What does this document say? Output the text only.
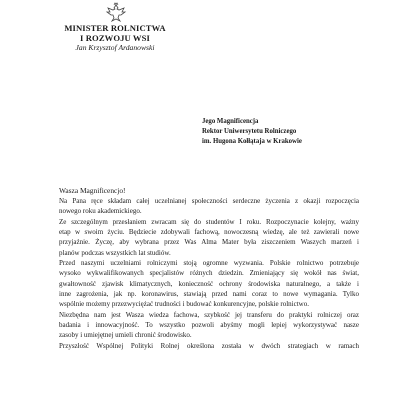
MINISTER ROLNICTWA
I ROZWOJU WSI
Jan Krzysztof Ardanowski
Jego Magnificencja
Rektor Uniwersytetu Rolniczego
im. Hugona Kołłątaja w Krakowie
Wasza Magnificencjo!
Na Pana ręce składam całej uczelnianej społeczności serdeczne życzenia z okazji rozpoczęcia
nowego roku akademickiego.
Ze szczególnym przesłaniem zwracam się do studentów I roku. Rozpoczynacie kolejny, ważny
etap w swoim życiu. Będziecie zdobywali fachową, nowoczesną wiedzę, ale też zawierali nowe
przyjaźnie. Życzę, aby wybrana przez Was Alma Mater była ziszczeniem Waszych marzeń i
planów podczas wszystkich lat studiów.
Przed naszymi uczelniami rolniczymi stoją ogromne wyzwania. Polskie rolnictwo potrzebuje
wysoko wykwalifikowanych specjalistów różnych dziedzin. Zmieniający się wokół nas świat,
gwałtowność zjawisk klimatycznych, konieczność ochrony środowiska naturalnego, a także i
inne zagrożenia, jak np. koronawirus, stawiają przed nami coraz to nowe wymagania. Tylko
wspólnie możemy przezwyciężać trudności i budować konkurencyjne, polskie rolnictwo.
Niezbędna nam jest Wasza wiedza fachowa, szybkość jej transferu do praktyki rolniczej oraz
badania i innowacyjność. To wszystko pozwoli abyśmy mogli lepiej wykorzystywać nasze
zasoby i umiejętnej umieli chronić środowisko.
Przyszłość Wspólnej Polityki Rolnej określona została w dwóch strategiach w ramach
